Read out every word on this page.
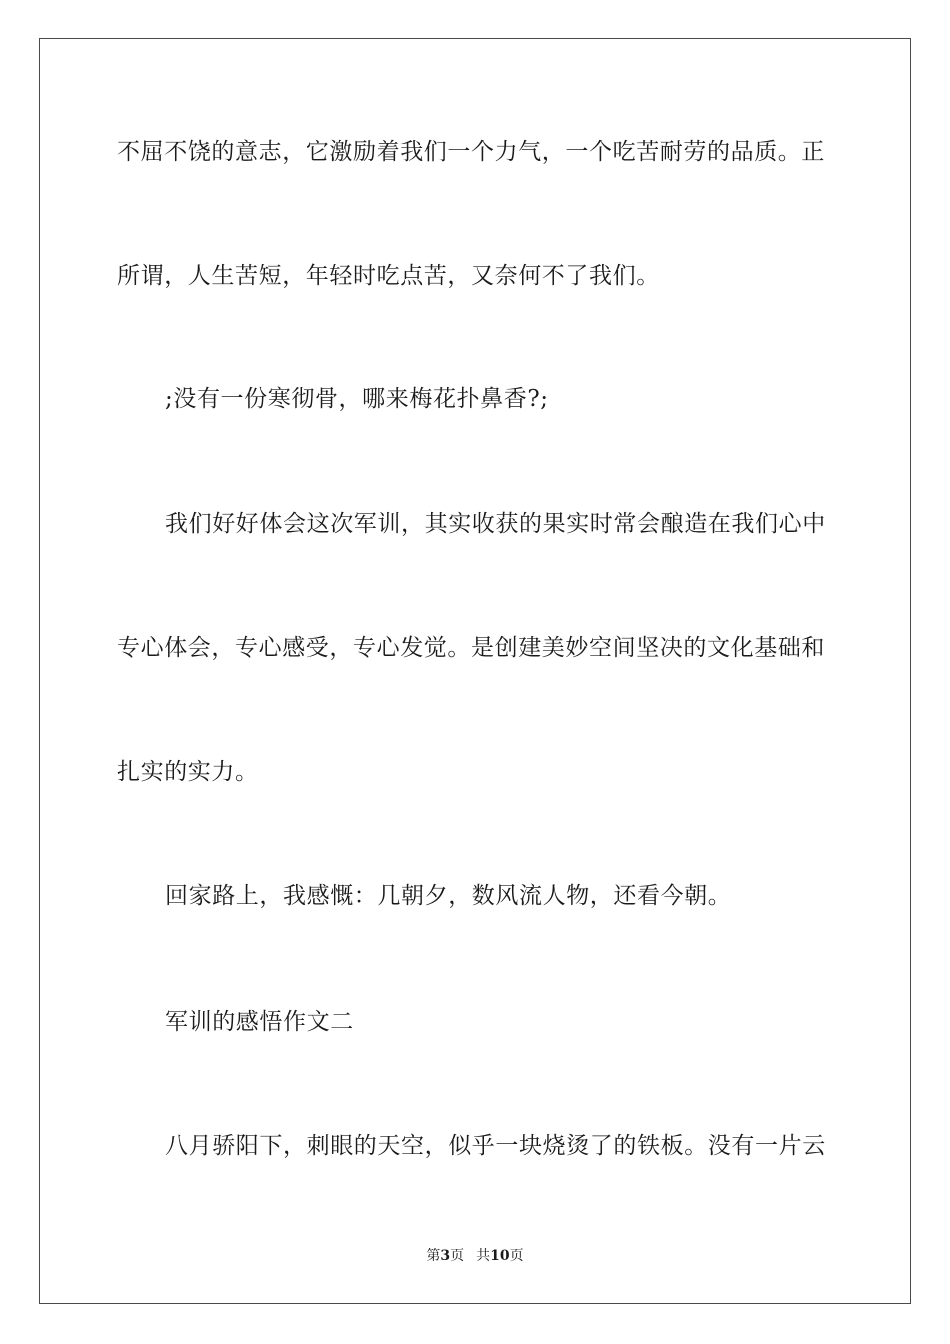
不屈不饶的意志，它激励着我们一个力气，一个吃苦耐劳的品质。正
所谓，人生苦短，年轻时吃点苦，又奈何不了我们。
;没有一份寒彻骨，哪来梅花扑鼻香?;
我们好好体会这次军训，其实收获的果实时常会酿造在我们心中
专心体会，专心感受，专心发觉。是创建美妙空间坚决的文化基础和
扎实的实力。
回家路上，我感慨：几朝夕，数风流人物，还看今朝。
军训的感悟作文二
八月骄阳下，刺眼的天空，似乎一块烧烫了的铁板。没有一片云
第3页 共10页
